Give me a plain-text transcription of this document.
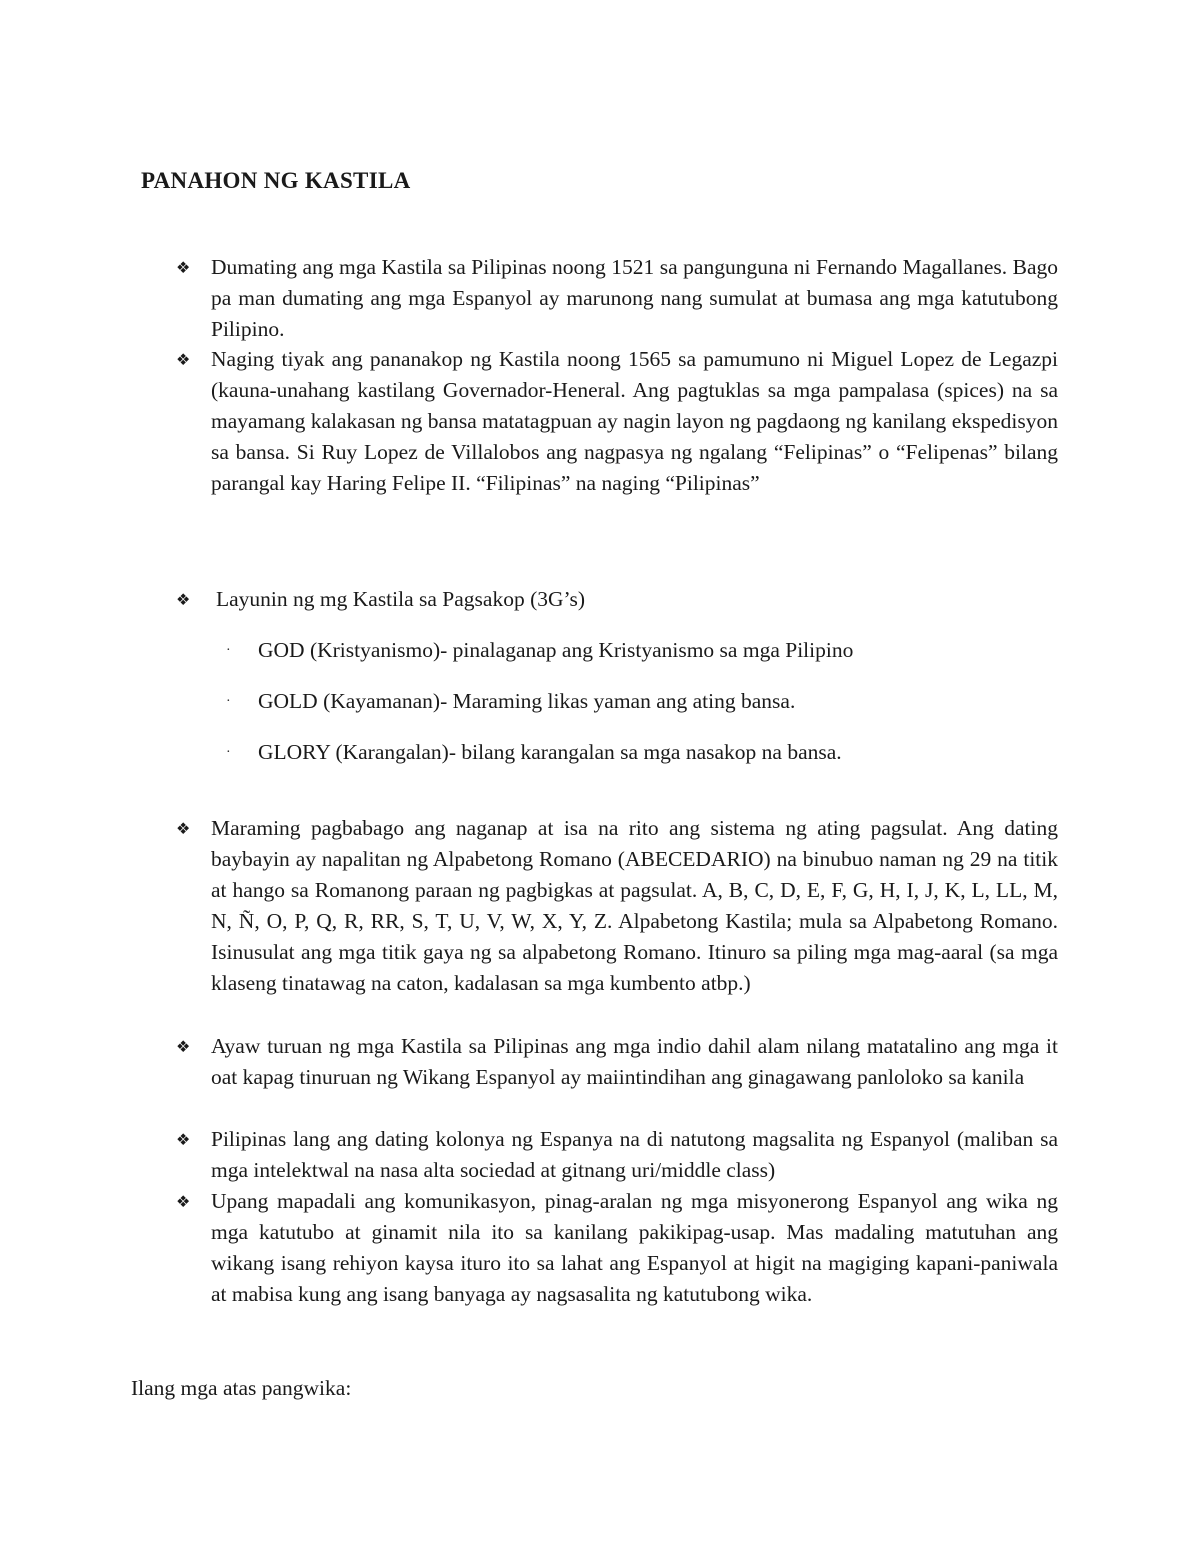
PANAHON NG KASTILA
❖ Dumating ang mga Kastila sa Pilipinas noong 1521 sa pangunguna ni Fernando Magallanes. Bago pa man dumating ang mga Espanyol ay marunong nang sumulat at bumasa ang mga katutubong Pilipino.
❖ Naging tiyak ang pananakop ng Kastila noong 1565 sa pamumuno ni Miguel Lopez de Legazpi (kauna-unahang kastilang Governador-Heneral. Ang pagtuklas sa mga pampalasa (spices) na sa mayamang kalakasan ng bansa matatagpuan ay nagin layon ng pagdaong ng kanilang ekspedisyon sa bansa. Si Ruy Lopez de Villalobos ang nagpasya ng ngalang “Felipinas” o “Felipenas” bilang parangal kay Haring Felipe II. “Filipinas” na naging “Pilipinas”
❖ Layunin ng mg Kastila sa Pagsakop (3G’s)
· GOD (Kristyanismo)- pinalaganap ang Kristyanismo sa mga Pilipino
· GOLD (Kayamanan)- Maraming likas yaman ang ating bansa.
· GLORY (Karangalan)- bilang karangalan sa mga nasakop na bansa.
❖ Maraming pagbabago ang naganap at isa na rito ang sistema ng ating pagsulat. Ang dating baybayin ay napalitan ng Alpabetong Romano (ABECEDARIO) na binubuo naman ng 29 na titik at hango sa Romanong paraan ng pagbigkas at pagsulat. A, B, C, D, E, F, G, H, I, J, K, L, LL, M, N, Ñ, O, P, Q, R, RR, S, T, U, V, W, X, Y, Z. Alpabetong Kastila; mula sa Alpabetong Romano. Isinusulat ang mga titik gaya ng sa alpabetong Romano. Itinuro sa piling mga mag-aaral (sa mga klaseng tinatawag na caton, kadalasan sa mga kumbento atbp.)
❖ Ayaw turuan ng mga Kastila sa Pilipinas ang mga indio dahil alam nilang matatalino ang mga it oat kapag tinuruan ng Wikang Espanyol ay maiintindihan ang ginagawang panloloko sa kanila
❖ Pilipinas lang ang dating kolonya ng Espanya na di natutong magsalita ng Espanyol (maliban sa mga intelektwal na nasa alta sociedad at gitnang uri/middle class)
❖ Upang mapadali ang komunikasyon, pinag-aralan ng mga misyonerong Espanyol ang wika ng mga katutubo at ginamit nila ito sa kanilang pakikipag-usap. Mas madaling matutuhan ang wikang isang rehiyon kaysa ituro ito sa lahat ang Espanyol at higit na magiging kapani-paniwala at mabisa kung ang isang banyaga ay nagsasalita ng katutubong wika.
Ilang mga atas pangwika:
